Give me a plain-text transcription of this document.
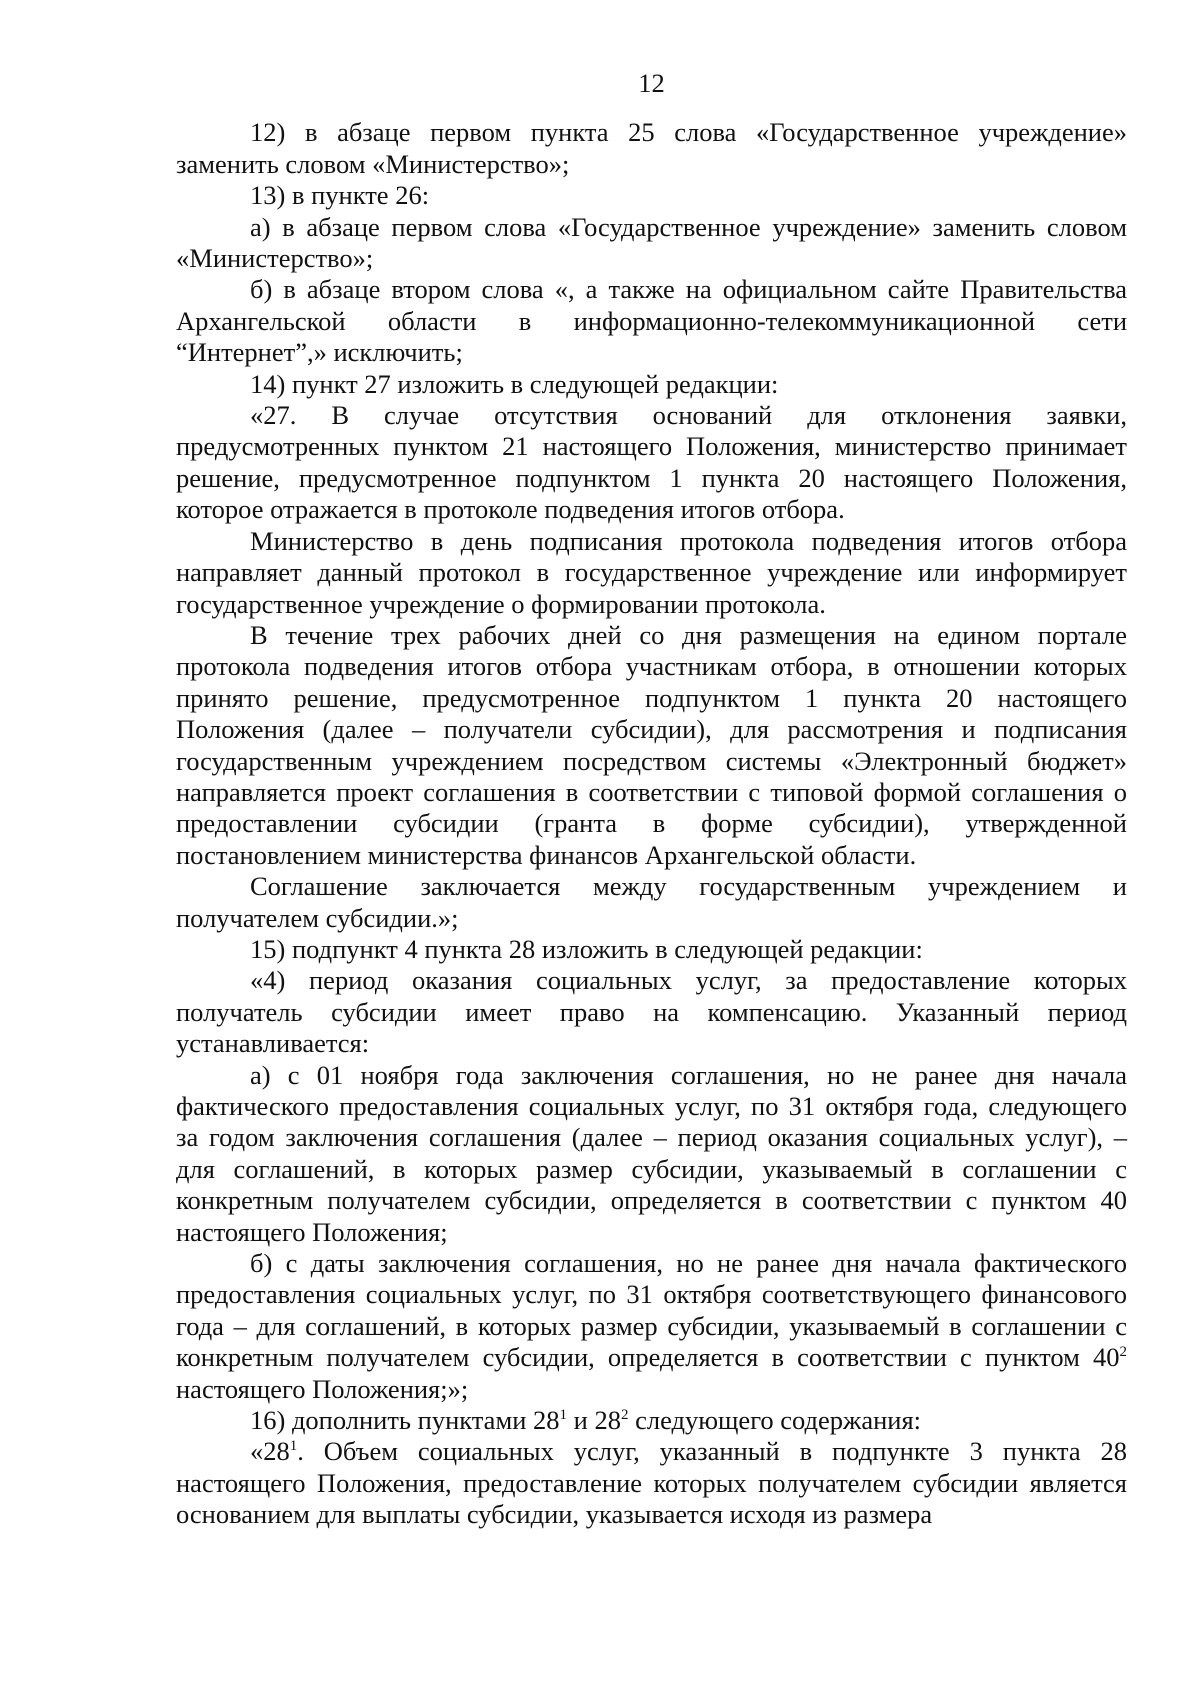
12

12) в абзаце первом пункта 25 слова «Государственное учреждение» заменить словом «Министерство»;

13) в пункте 26:

а) в абзаце первом слова «Государственное учреждение» заменить словом «Министерство»;

б) в абзаце втором слова «, а также на официальном сайте Правительства Архангельской области в информационно-телекоммуникационной сети “Интернет”,» исключить;

14) пункт 27 изложить в следующей редакции:

«27. В случае отсутствия оснований для отклонения заявки, предусмотренных пунктом 21 настоящего Положения, министерство принимает решение, предусмотренное подпунктом 1 пункта 20 настоящего Положения, которое отражается в протоколе подведения итогов отбора.

Министерство в день подписания протокола подведения итогов отбора направляет данный протокол в государственное учреждение или информирует государственное учреждение о формировании протокола.

В течение трех рабочих дней со дня размещения на едином портале протокола подведения итогов отбора участникам отбора, в отношении которых принято решение, предусмотренное подпунктом 1 пункта 20 настоящего Положения (далее – получатели субсидии), для рассмотрения и подписания государственным учреждением посредством системы «Электронный бюджет» направляется проект соглашения в соответствии с типовой формой соглашения о предоставлении субсидии (гранта в форме субсидии), утвержденной постановлением министерства финансов Архангельской области.

Соглашение заключается между государственным учреждением и получателем субсидии.»;

15) подпункт 4 пункта 28 изложить в следующей редакции:

«4) период оказания социальных услуг, за предоставление которых получатель субсидии имеет право на компенсацию. Указанный период устанавливается:

а) с 01 ноября года заключения соглашения, но не ранее дня начала фактического предоставления социальных услуг, по 31 октября года, следующего за годом заключения соглашения (далее – период оказания социальных услуг), – для соглашений, в которых размер субсидии, указываемый в соглашении с конкретным получателем субсидии, определяется в соответствии с пунктом 40 настоящего Положения;

б) с даты заключения соглашения, но не ранее дня начала фактического предоставления социальных услуг, по 31 октября соответствующего финансового года – для соглашений, в которых размер субсидии, указываемый в соглашении с конкретным получателем субсидии, определяется в соответствии с пунктом $40^2$ настоящего Положения;»;

16) дополнить пунктами $28^1$ и $28^2$ следующего содержания:

«$28^1$. Объем социальных услуг, указанный в подпункте 3 пункта 28 настоящего Положения, предоставление которых получателем субсидии является основанием для выплаты субсидии, указывается исходя из размера
